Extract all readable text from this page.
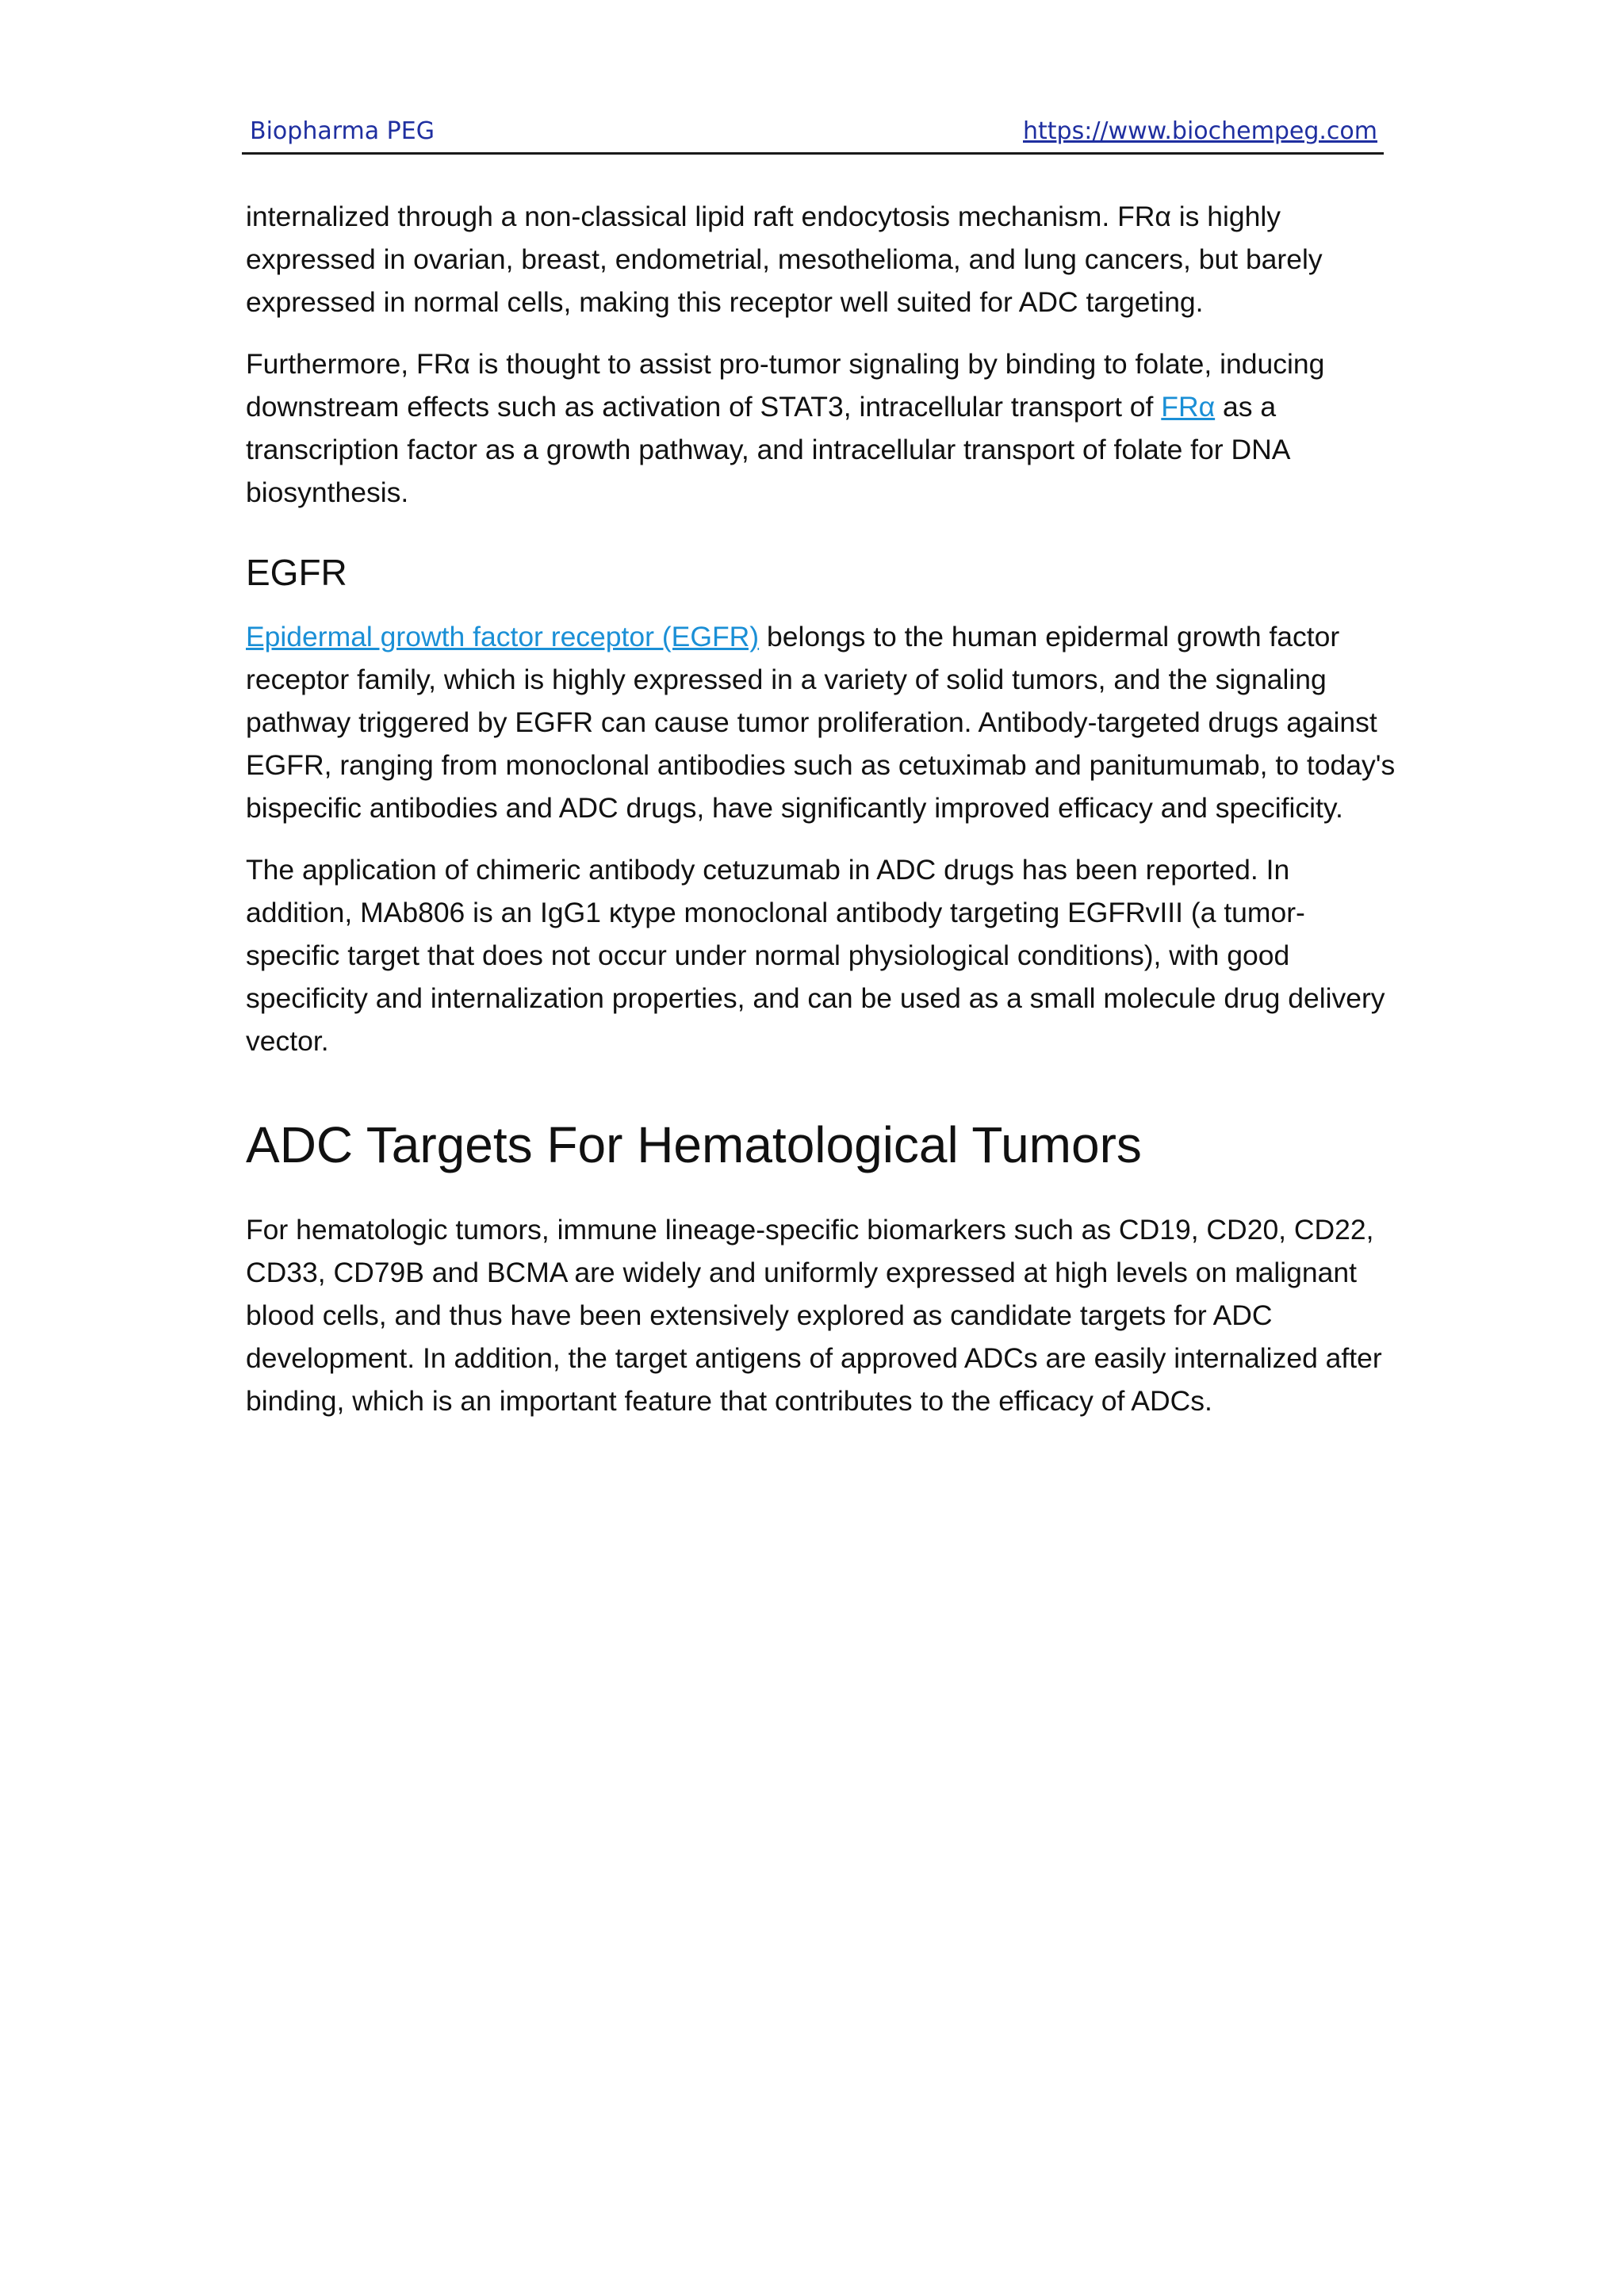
Biopharma PEG	https://www.biochempeg.com

internalized through a non-classical lipid raft endocytosis mechanism. FRα is highly expressed in ovarian, breast, endometrial, mesothelioma, and lung cancers, but barely expressed in normal cells, making this receptor well suited for ADC targeting.

Furthermore, FRα is thought to assist pro-tumor signaling by binding to folate, inducing downstream effects such as activation of STAT3, intracellular transport of FRα as a transcription factor as a growth pathway, and intracellular transport of folate for DNA biosynthesis.

EGFR

Epidermal growth factor receptor (EGFR) belongs to the human epidermal growth factor receptor family, which is highly expressed in a variety of solid tumors, and the signaling pathway triggered by EGFR can cause tumor proliferation. Antibody-targeted drugs against EGFR, ranging from monoclonal antibodies such as cetuximab and panitumumab, to today's bispecific antibodies and ADC drugs, have significantly improved efficacy and specificity.

The application of chimeric antibody cetuzumab in ADC drugs has been reported. In addition, MAb806 is an IgG1 κtype monoclonal antibody targeting EGFRvIII (a tumor-specific target that does not occur under normal physiological conditions), with good specificity and internalization properties, and can be used as a small molecule drug delivery vector.

ADC Targets For Hematological Tumors

For hematologic tumors, immune lineage-specific biomarkers such as CD19, CD20, CD22, CD33, CD79B and BCMA are widely and uniformly expressed at high levels on malignant blood cells, and thus have been extensively explored as candidate targets for ADC development. In addition, the target antigens of approved ADCs are easily internalized after binding, which is an important feature that contributes to the efficacy of ADCs.
